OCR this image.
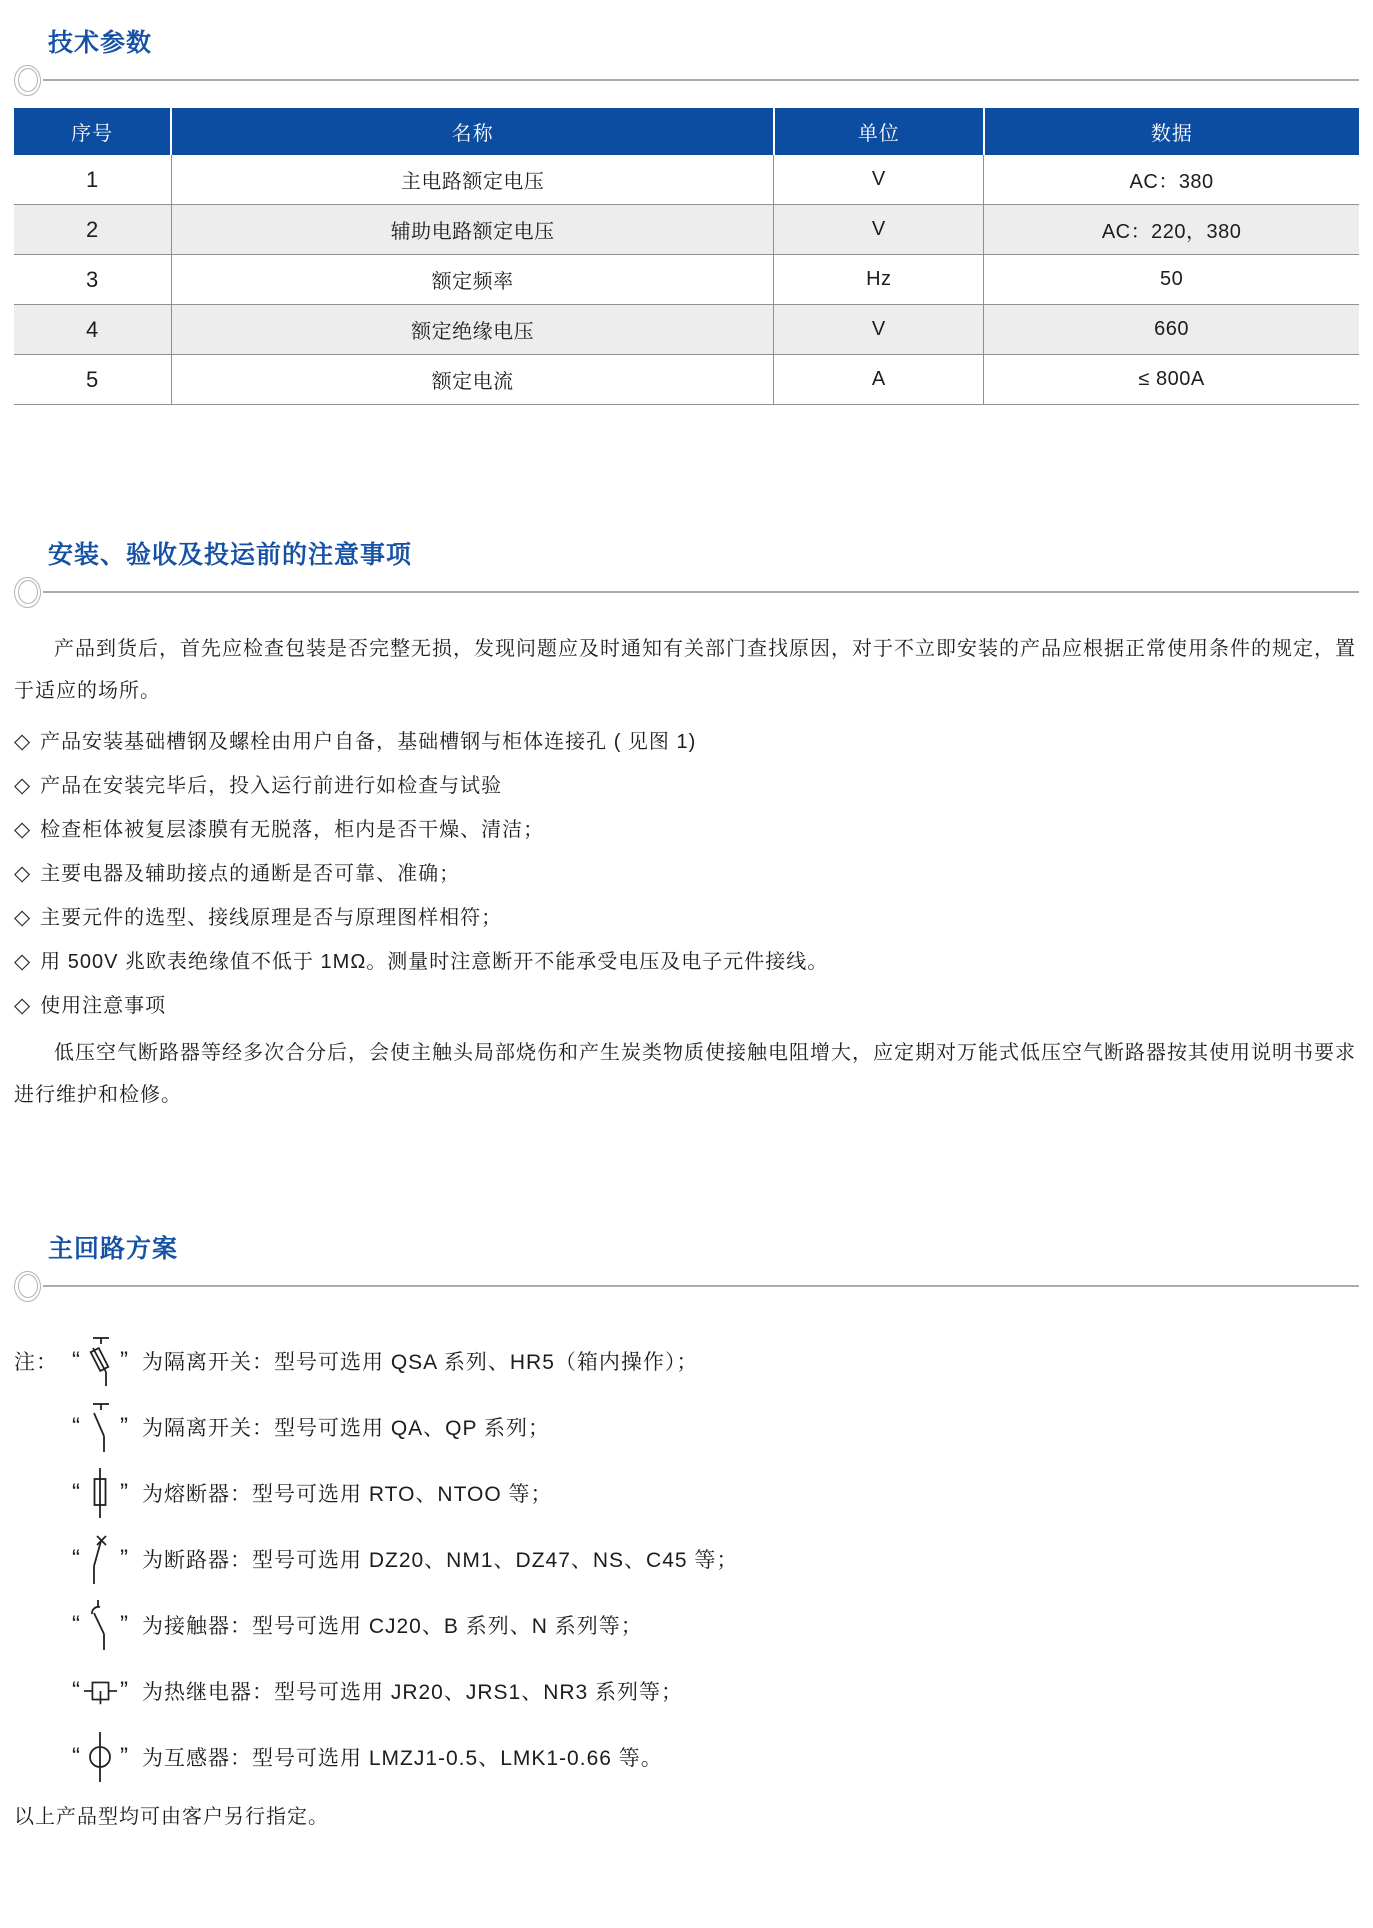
技术参数
序号	名称	单位	数据
1	主电路额定电压	V	AC：380
2	辅助电路额定电压	V	AC：220，380
3	额定频率	Hz	50
4	额定绝缘电压	V	660
5	额定电流	A	≤ 800A
安装、验收及投运前的注意事项

产品到货后，首先应检查包装是否完整无损，发现问题应及时通知有关部门查找原因，对于不立即安装的产品应根据正常使用条件的规定，置于适应的场所。

◇ 产品安装基础槽钢及螺栓由用户自备，基础槽钢与柜体连接孔 ( 见图 1)

◇ 产品在安装完毕后，投入运行前进行如检查与试验

◇ 检查柜体被复层漆膜有无脱落，柜内是否干燥、清洁；

◇ 主要电器及辅助接点的通断是否可靠、准确；

◇ 主要元件的选型、接线原理是否与原理图样相符；

◇ 用 500V 兆欧表绝缘值不低于 1MΩ。测量时注意断开不能承受电压及电子元件接线。

◇ 使用注意事项

低压空气断路器等经多次合分后，会使主触头局部烧伤和产生炭类物质使接触电阻增大，应定期对万能式低压空气断路器按其使用说明书要求进行维护和检修。

主回路方案
注： “ ” 为隔离开关：型号可选用 QSA 系列、HR5（箱内操作）；
“ ” 为隔离开关：型号可选用 QA、QP 系列；
“ ” 为熔断器：型号可选用 RTO、NTOO 等；
“ ” 为断路器：型号可选用 DZ20、NM1、DZ47、NS、C45 等；
“ ” 为接触器：型号可选用 CJ20、B 系列、N 系列等；
“ ” 为热继电器：型号可选用 JR20、JRS1、NR3 系列等；
“ ” 为互感器：型号可选用 LMZJ1-0.5、LMK1-0.66 等。

以上产品型均可由客户另行指定。
